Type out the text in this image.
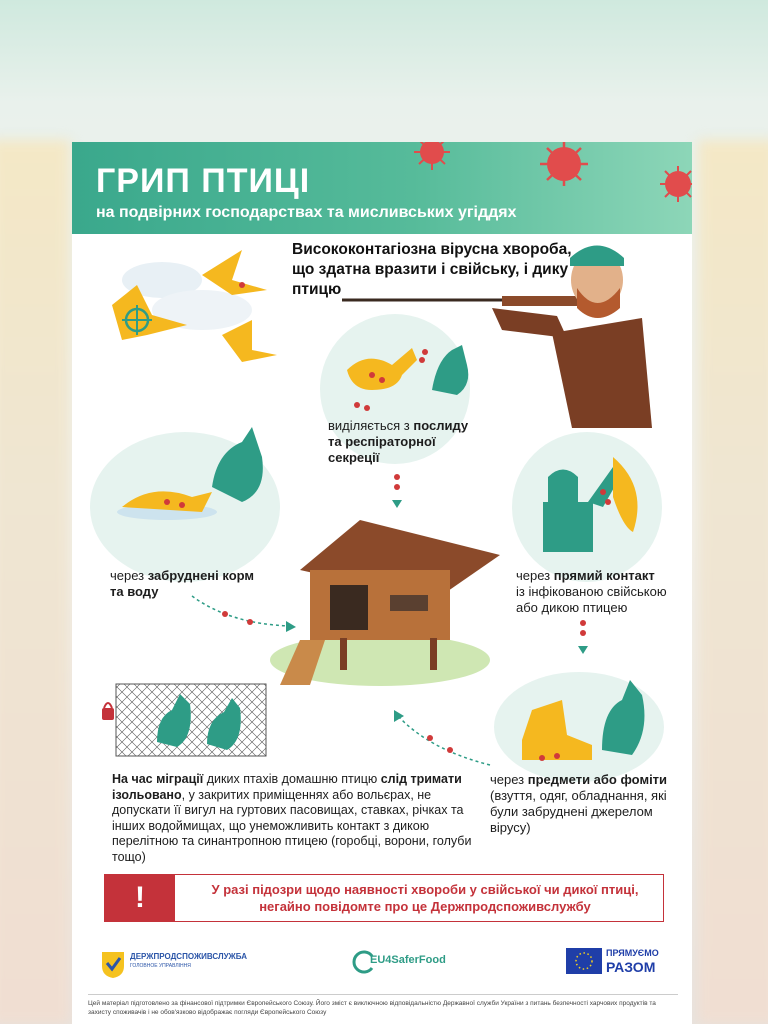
ГРИП ПТИЦІ
на подвірних господарствах та мисливських угіддях
Висококонтагіозна вірусна хвороба, що здатна вразити і свійську, і дику птицю
виділяється з послиду та респіраторної секреції
через забруднені корм та воду
через прямий контакт
із інфікованою свійською або дикою птицею
через предмети або фоміти
(взуття, одяг, обладнання, які були забруднені джерелом вірусу)
На час міграції диких птахів домашню птицю слід тримати ізольовано, у закритих приміщеннях або вольєрах, не допускати її вигул на гуртових пасовищах, ставках, річках та інших водоймищах, що унеможливить контакт з дикою перелітною та синантропною птицею (горобці, ворони, голуби тощо)
!	У разі підозри щодо наявності хвороби у свійської чи дикої птиці, негайно повідомте про це Держпродспоживслужбу
ДЕРЖПРОДСПОЖИВСЛУЖБА
ГОЛОВНОЕ УПРАВЛІННЯ	EU4SaferFood
ПРЯМУЄМО
РАЗОМ
Цей матеріал підготовлено за фінансової підтримки Європейського Союзу. Його зміст є виключною відповідальністю Державної служби України з питань безпечності харчових продуктів та захисту споживачів і не обов'язково відображає погляди Європейського Союзу
